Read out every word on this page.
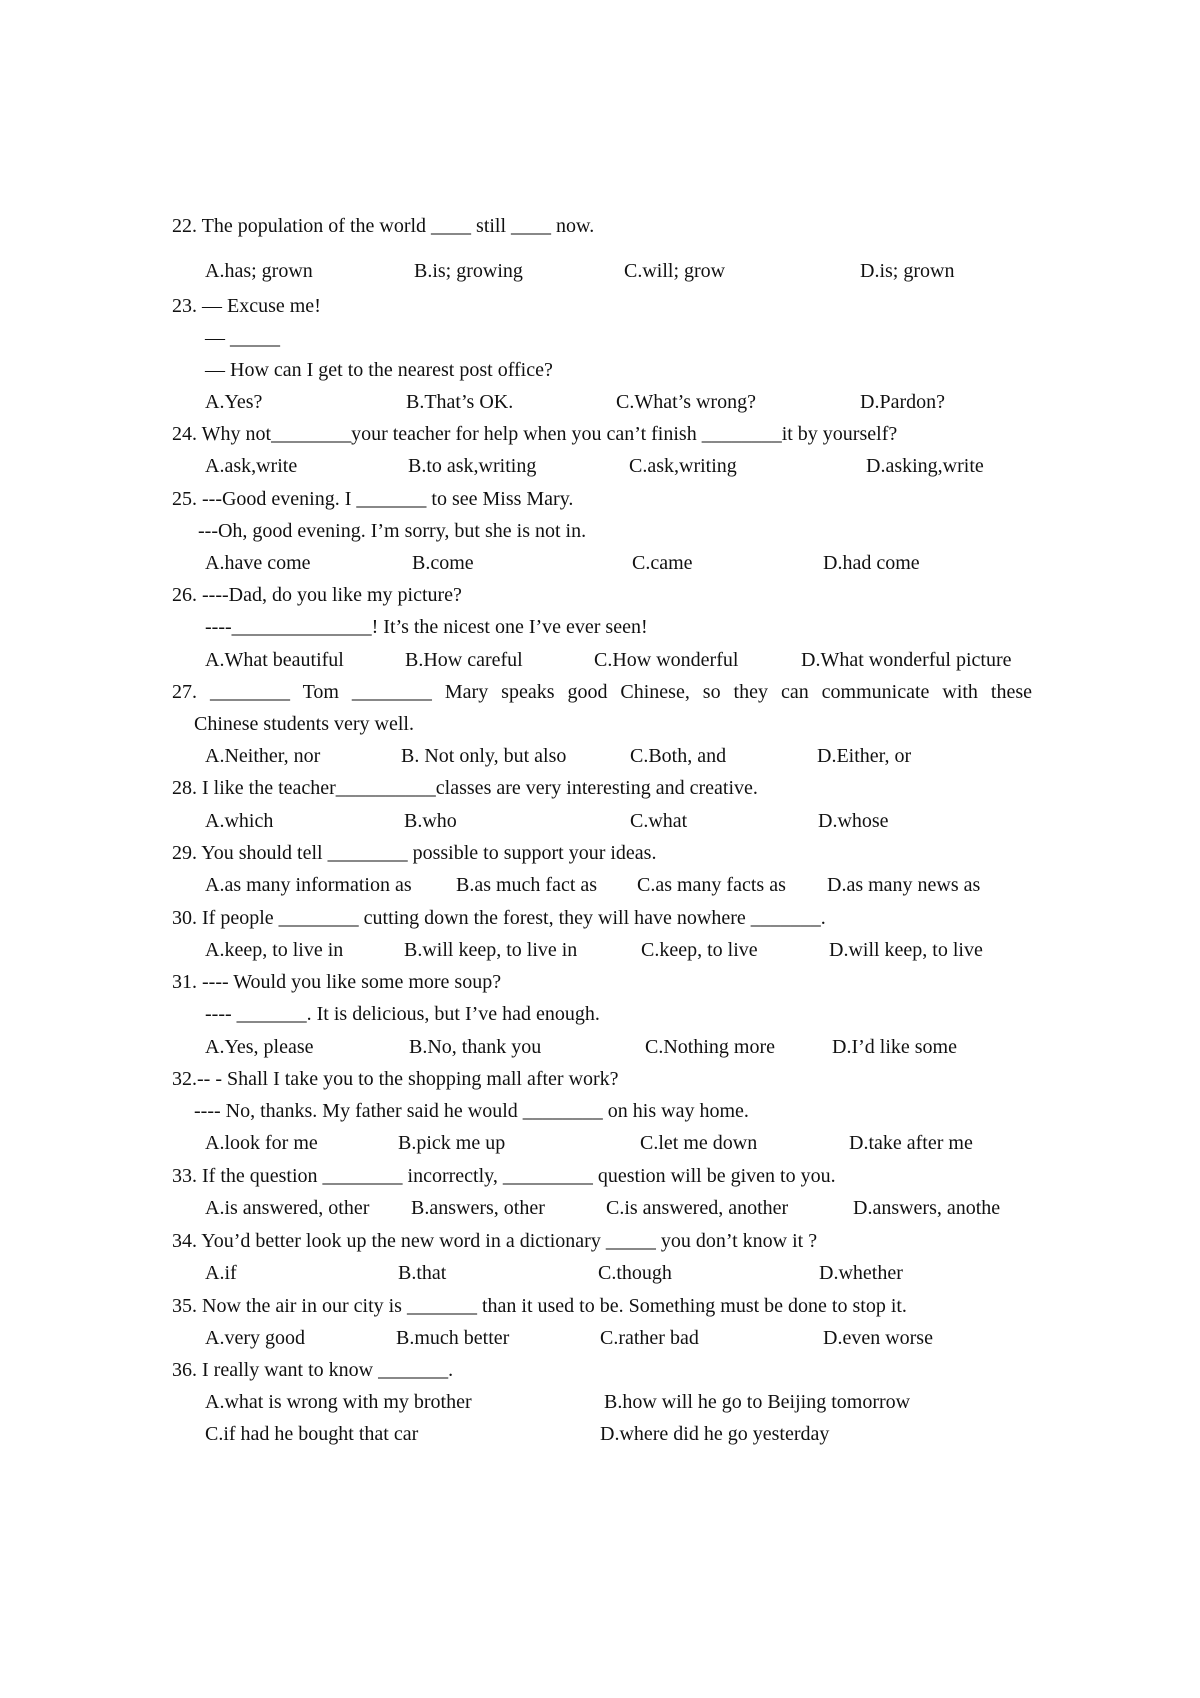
22. The population of the world ____ still ____ now.
A.has; grown	B.is; growing	C.will; grow	D.is; grown
23. — Excuse me!
— _____
— How can I get to the nearest post office?
A.Yes?	B.That’s OK.	C.What’s wrong?	D.Pardon?
24. Why not________your teacher for help when you can’t finish ________it by yourself?
A.ask,write	B.to ask,writing	C.ask,writing	D.asking,write
25. ---Good evening. I _______ to see Miss Mary.
---Oh, good evening. I’m sorry, but she is not in.
A.have come	B.come	C.came	D.had come
26. ----Dad, do you like my picture?
----______________! It’s the nicest one I’ve ever seen!
A.What beautiful	B.How careful	C.How wonderful	D.What wonderful picture
27. ________ Tom ________ Mary speaks good Chinese, so they can communicate with these
Chinese students very well.
A.Neither, nor	B. Not only, but also	C.Both, and	D.Either, or
28. I like the teacher__________classes are very interesting and creative.
A.which	B.who	C.what	D.whose
29. You should tell ________ possible to support your ideas.
A.as many information as B.as much fact as C.as many facts as D.as many news as
30. If people ________ cutting down the forest, they will have nowhere _______.
A.keep, to live in	B.will keep, to live in	C.keep, to live	D.will keep, to live
31. ---- Would you like some more soup?
---- _______. It is delicious, but I’ve had enough.
A.Yes, please	B.No, thank you	C.Nothing more	D.I’d like some
32.-- - Shall I take you to the shopping mall after work?
---- No, thanks. My father said he would ________ on his way home.
A.look for me	B.pick me up	C.let me down	D.take after me
33. If the question ________ incorrectly, _________ question will be given to you.
A.is answered, other B.answers, other	C.is answered, another	D.answers, anothe
34. You’d better look up the new word in a dictionary _____ you don’t know it ?
A.if	B.that	C.though	D.whether
35. Now the air in our city is _______ than it used to be. Something must be done to stop it.
A.very good	B.much better	C.rather bad	D.even worse
36. I really want to know _______.
A.what is wrong with my brother	B.how will he go to Beijing tomorrow
C.if had he bought that car	D.where did he go yesterday
